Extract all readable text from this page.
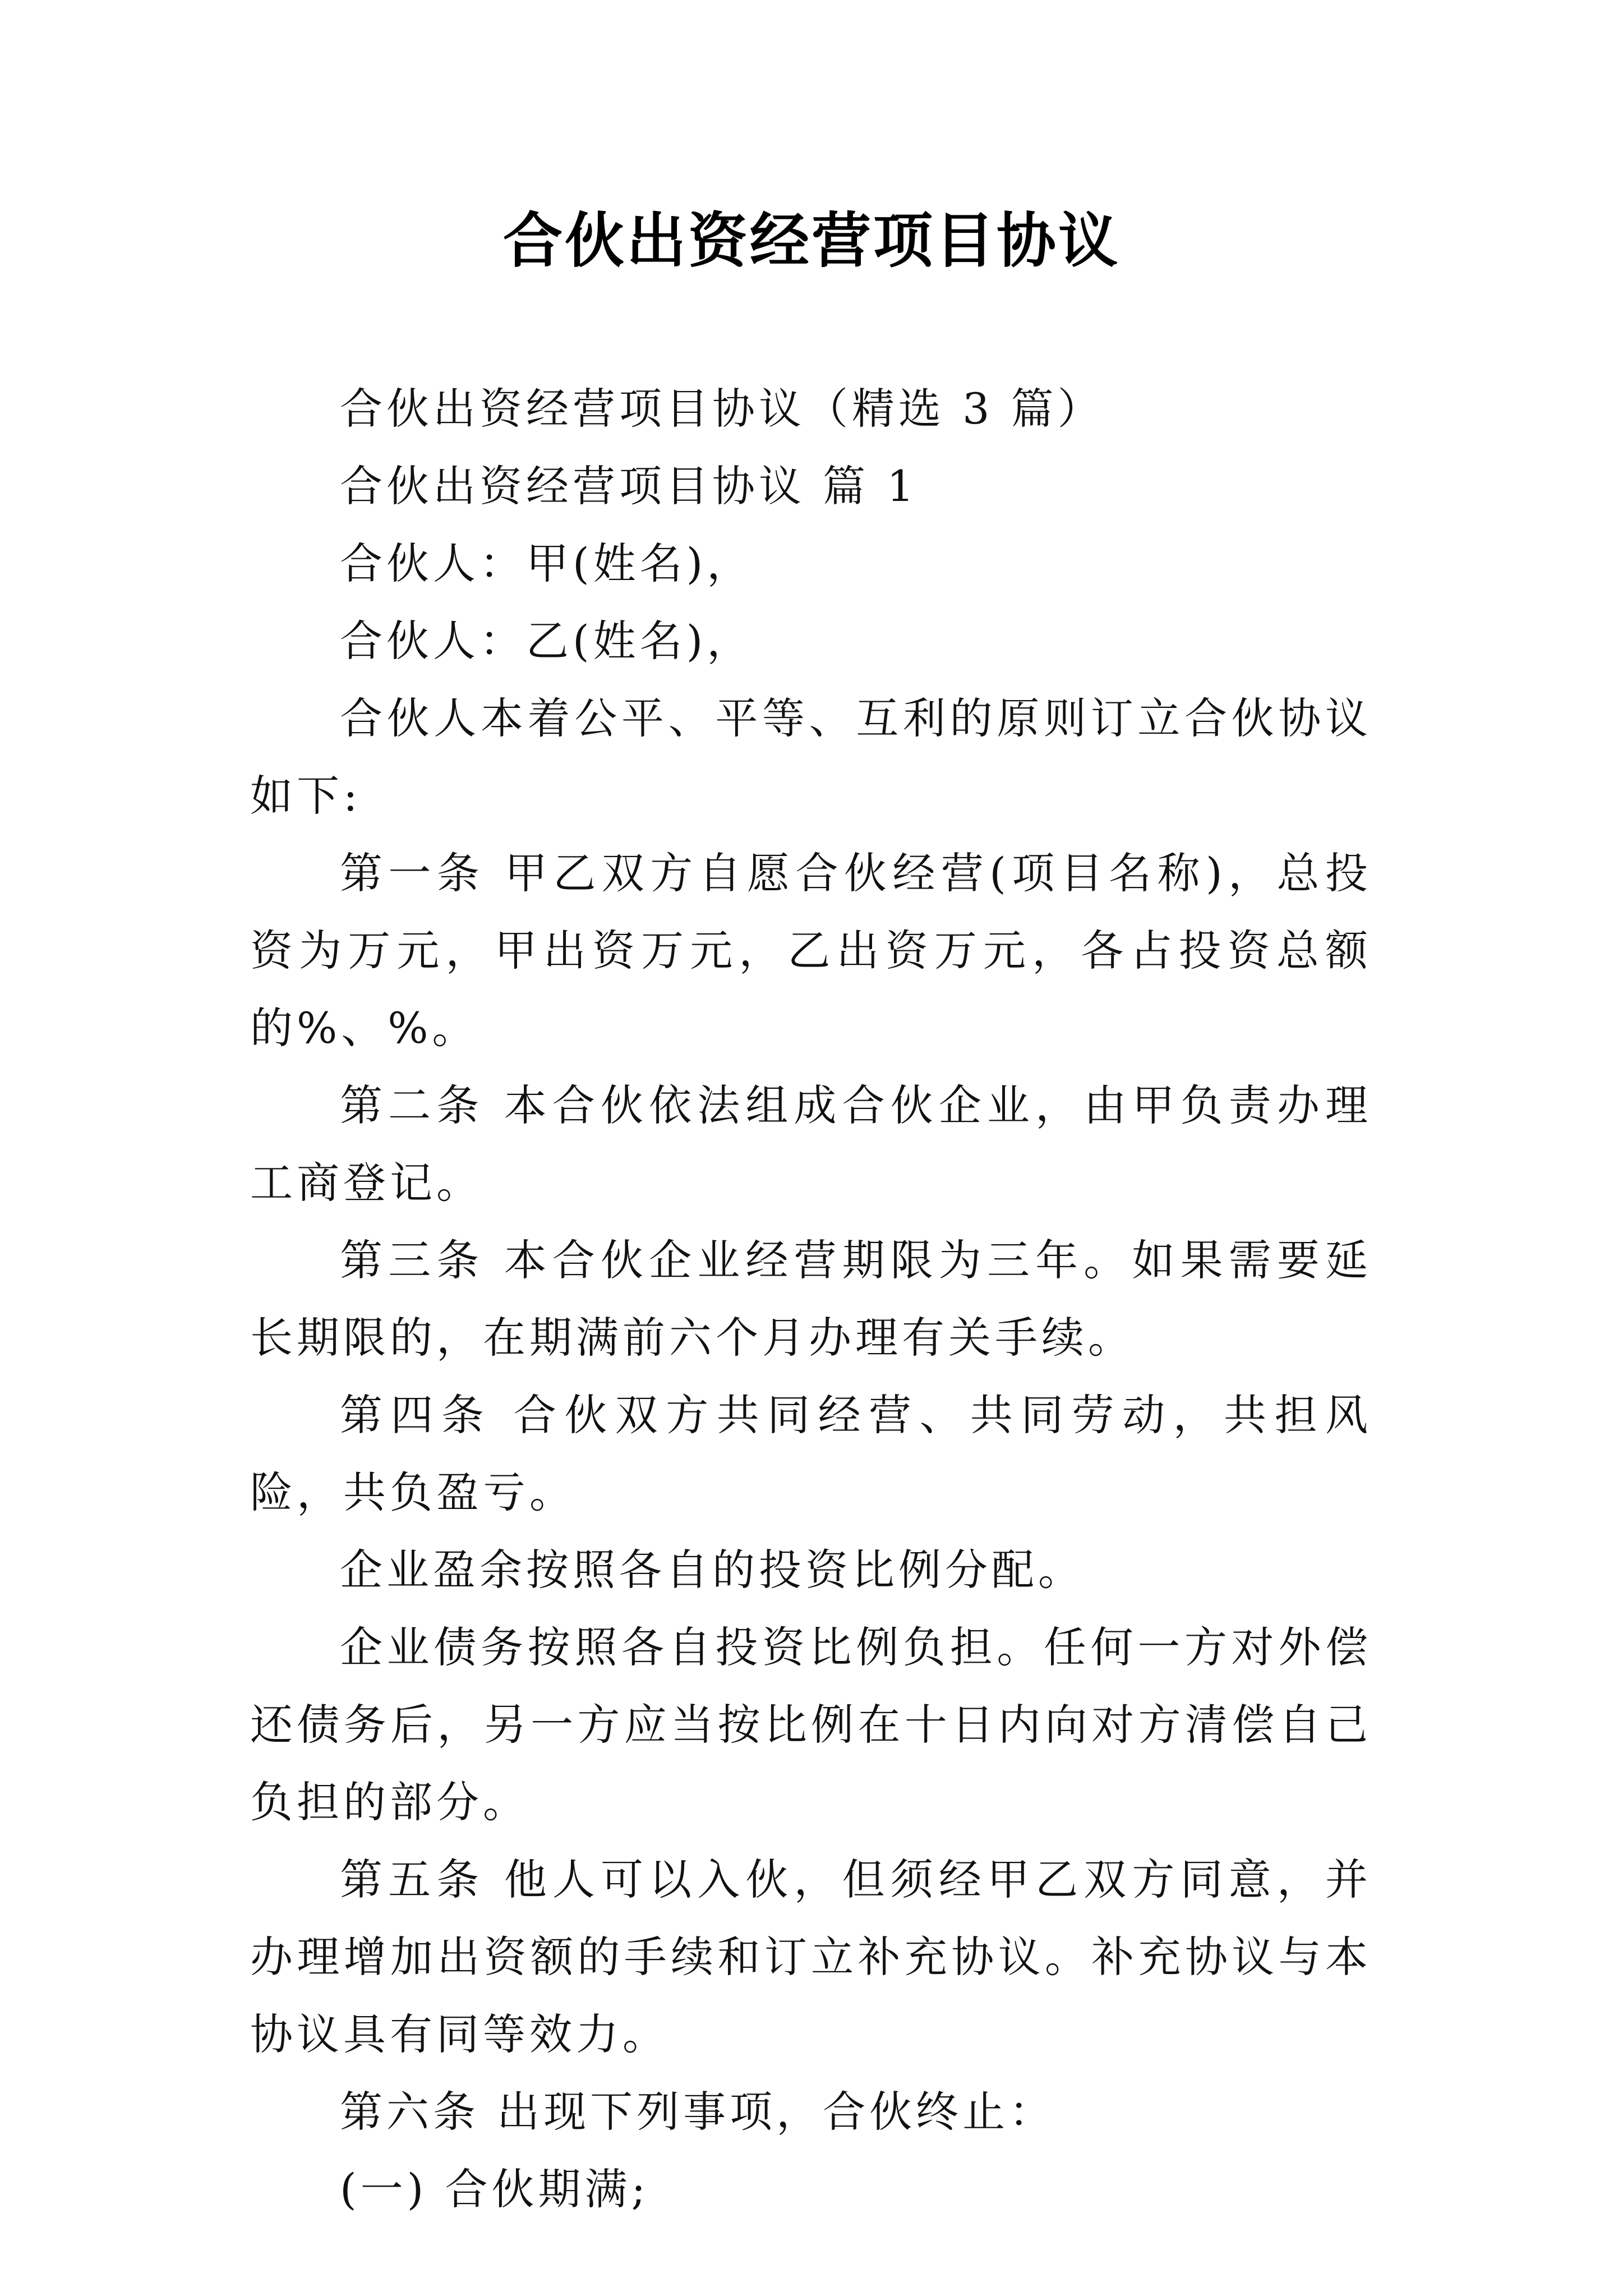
合伙出资经营项目协议

合伙出资经营项目协议（精选 3 篇）

合伙出资经营项目协议 篇 1

合伙人：甲(姓名)，

合伙人：乙(姓名)，

合伙人本着公平、平等、互利的原则订立合伙协议如下:

第一条 甲乙双方自愿合伙经营(项目名称)，总投资为万元，甲出资万元，乙出资万元，各占投资总额的%、%。

第二条 本合伙依法组成合伙企业，由甲负责办理工商登记。

第三条 本合伙企业经营期限为三年。如果需要延长期限的，在期满前六个月办理有关手续。

第四条 合伙双方共同经营、共同劳动，共担风险，共负盈亏。

企业盈余按照各自的投资比例分配。

企业债务按照各自投资比例负担。任何一方对外偿还债务后，另一方应当按比例在十日内向对方清偿自己负担的部分。

第五条 他人可以入伙，但须经甲乙双方同意，并办理增加出资额的手续和订立补充协议。补充协议与本协议具有同等效力。

第六条 出现下列事项，合伙终止：

(一) 合伙期满;
